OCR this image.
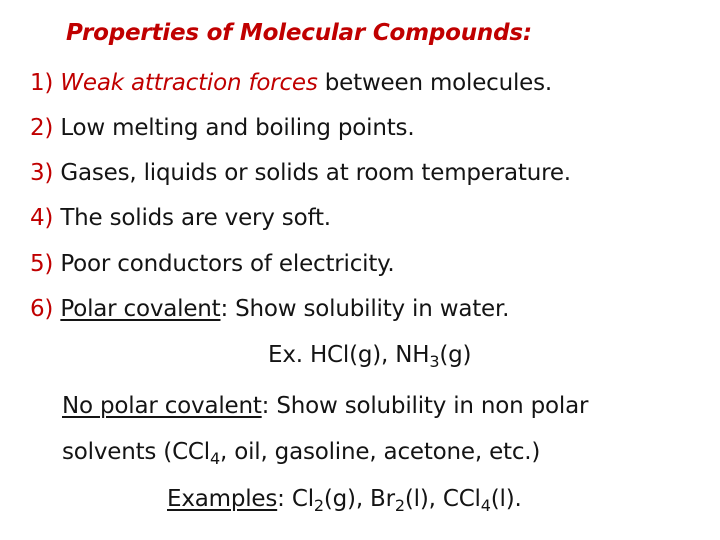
Properties of Molecular Compounds:
1) Weak attraction forces between molecules.
2) Low melting and boiling points.
3) Gases, liquids or solids at room temperature.
4) The solids are very soft.
5) Poor conductors of electricity.
6) Polar covalent: Show solubility in water.
Ex. HCl(g), $NH_3(g)$
No polar covalent: Show solubility in non polar
solvents (CCl$_4$, oil, gasoline, acetone, etc.)
Examples: $Cl_2(g)$, $Br_2(l)$, CCl$_4$(l).
